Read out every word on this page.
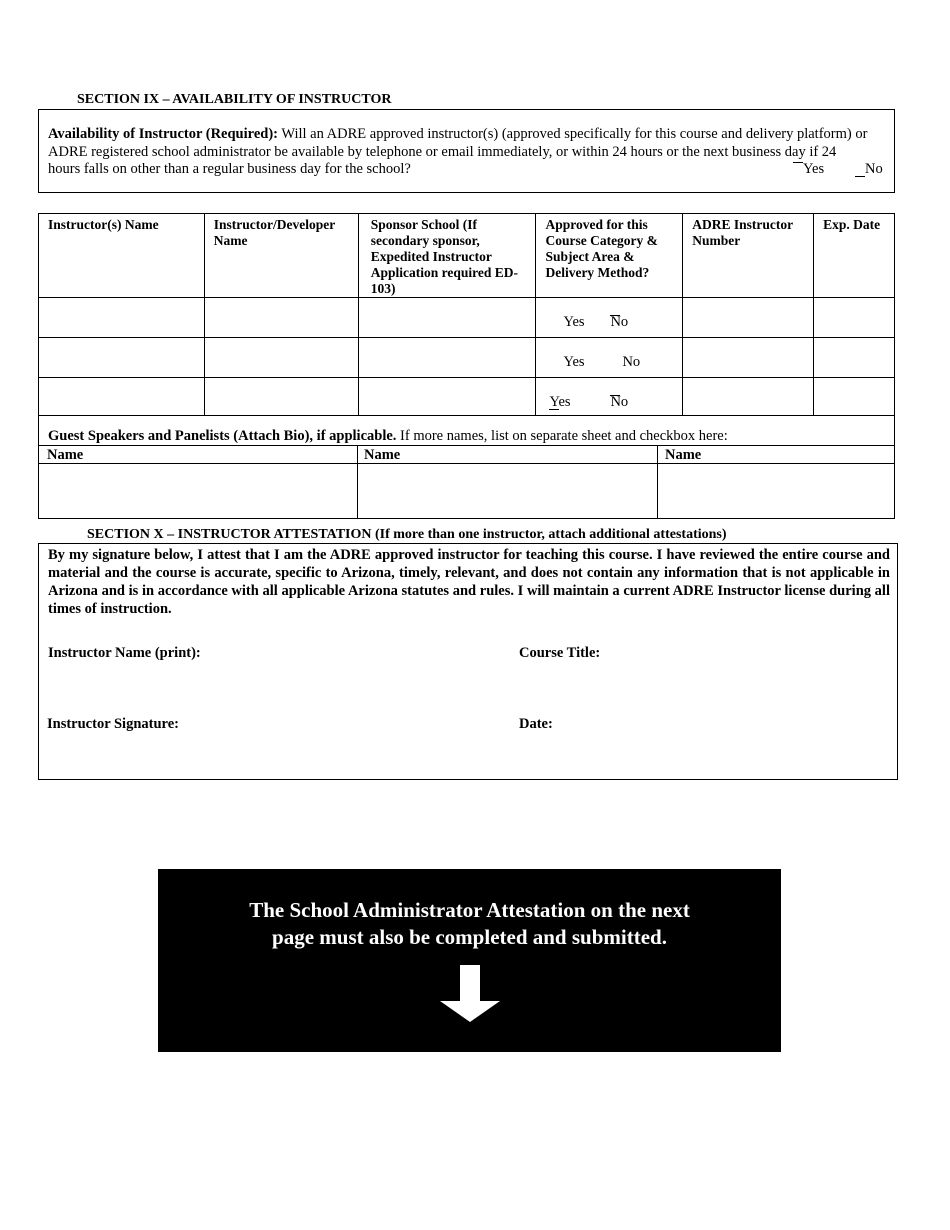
SECTION IX – AVAILABILITY OF INSTRUCTOR
Availability of Instructor (Required): Will an ADRE approved instructor(s) (approved specifically for this course and delivery platform) or ADRE registered school administrator be available by telephone or email immediately, or within 24 hours or the next business day if 24 hours falls on other than a regular business day for the school?	Yes	No
Instructor(s) Name	Instructor/Developer Name	Sponsor School (If secondary sponsor, Expedited Instructor Application required ED-103)	Approved for this Course Category & Subject Area & Delivery Method?	ADRE Instructor Number	Exp. Date

			Yes No		

			Yes No		

			Yes No		

Guest Speakers and Panelists (Attach Bio), if applicable. If more names, list on separate sheet and checkbox here:
Name	Name	Name
SECTION X – INSTRUCTOR ATTESTATION (If more than one instructor, attach additional attestations)
By my signature below, I attest that I am the ADRE approved instructor for teaching this course. I have reviewed the entire course and material and the course is accurate, specific to Arizona, timely, relevant, and does not contain any information that is not applicable in Arizona and is in accordance with all applicable Arizona statutes and rules. I will maintain a current ADRE Instructor license during all times of instruction.
Instructor Name (print):	Course Title:
Instructor Signature:	Date:
The School Administrator Attestation on the next
page must also be completed and submitted.
